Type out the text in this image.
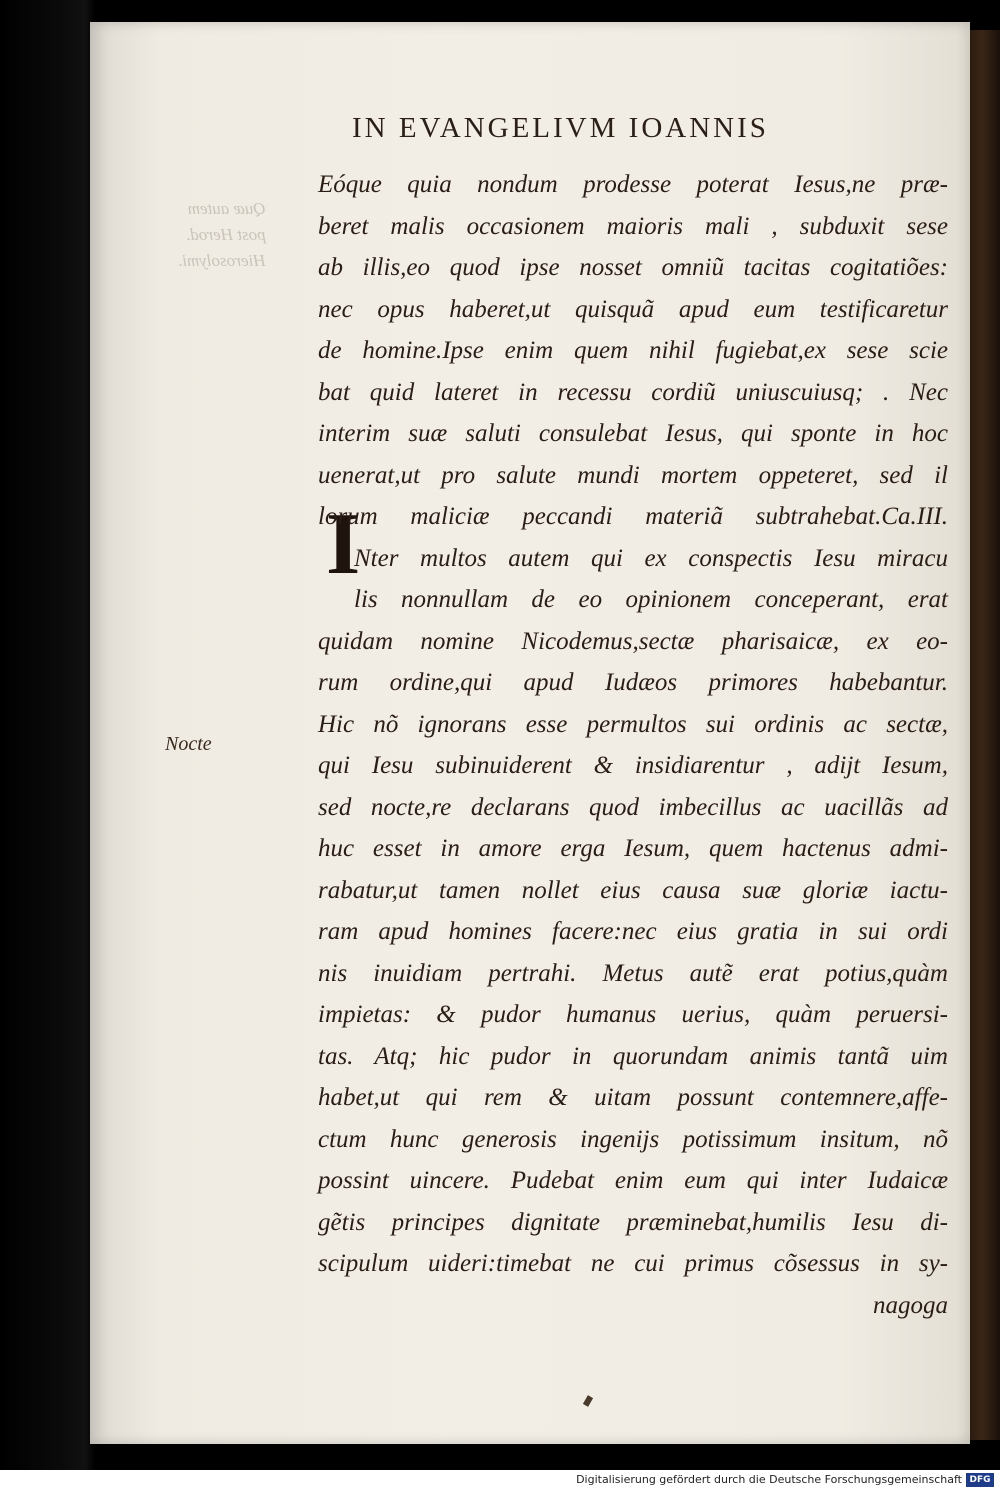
Quæ autem
post Herod.
Hierosolymi.
IN EVANGELIVM IOANNIS
Nocte
I
Eóque quia nondum prodesse poterat Iesus,ne præ-
beret malis occasionem maioris mali , subduxit sese
ab illis,eo quod ipse nosset omniũ tacitas cogitatiões:
nec opus haberet,ut quisquã apud eum testificaretur
de homine.Ipse enim quem nihil fugiebat,ex sese scie
bat quid lateret in recessu cordiũ uniuscuiusq; . Nec
interim suæ saluti consulebat Iesus, qui sponte in hoc
uenerat,ut pro salute mundi mortem oppeteret, sed il
lorum maliciæ peccandi materiã subtrahebat.Ca.III.
Nter multos autem qui ex conspectis Iesu miracu
lis nonnullam de eo opinionem conceperant, erat
quidam nomine Nicodemus,sectæ pharisaicæ, ex eo-
rum ordine,qui apud Iudæos primores habebantur.
Hic nõ ignorans esse permultos sui ordinis ac sectæ,
qui Iesu subinuiderent & insidiarentur , adijt Iesum,
sed nocte,re declarans quod imbecillus ac uacillãs ad
huc esset in amore erga Iesum, quem hactenus admi-
rabatur,ut tamen nollet eius causa suæ gloriæ iactu-
ram apud homines facere:nec eius gratia in sui ordi
nis inuidiam pertrahi. Metus autẽ erat potius,quàm
impietas: & pudor humanus uerius, quàm peruersi-
tas. Atq; hic pudor in quorundam animis tantã uim
habet,ut qui rem & uitam possunt contemnere,affe-
ctum hunc generosis ingenijs potissimum insitum, nõ
possint uincere. Pudebat enim eum qui inter Iudaicæ
gẽtis principes dignitate præminebat,humilis Iesu di-
scipulum uideri:timebat ne cui primus cõsessus in sy-
nagoga
Digitalisierung gefördert durch die Deutsche Forschungsgemeinschaft DFG
